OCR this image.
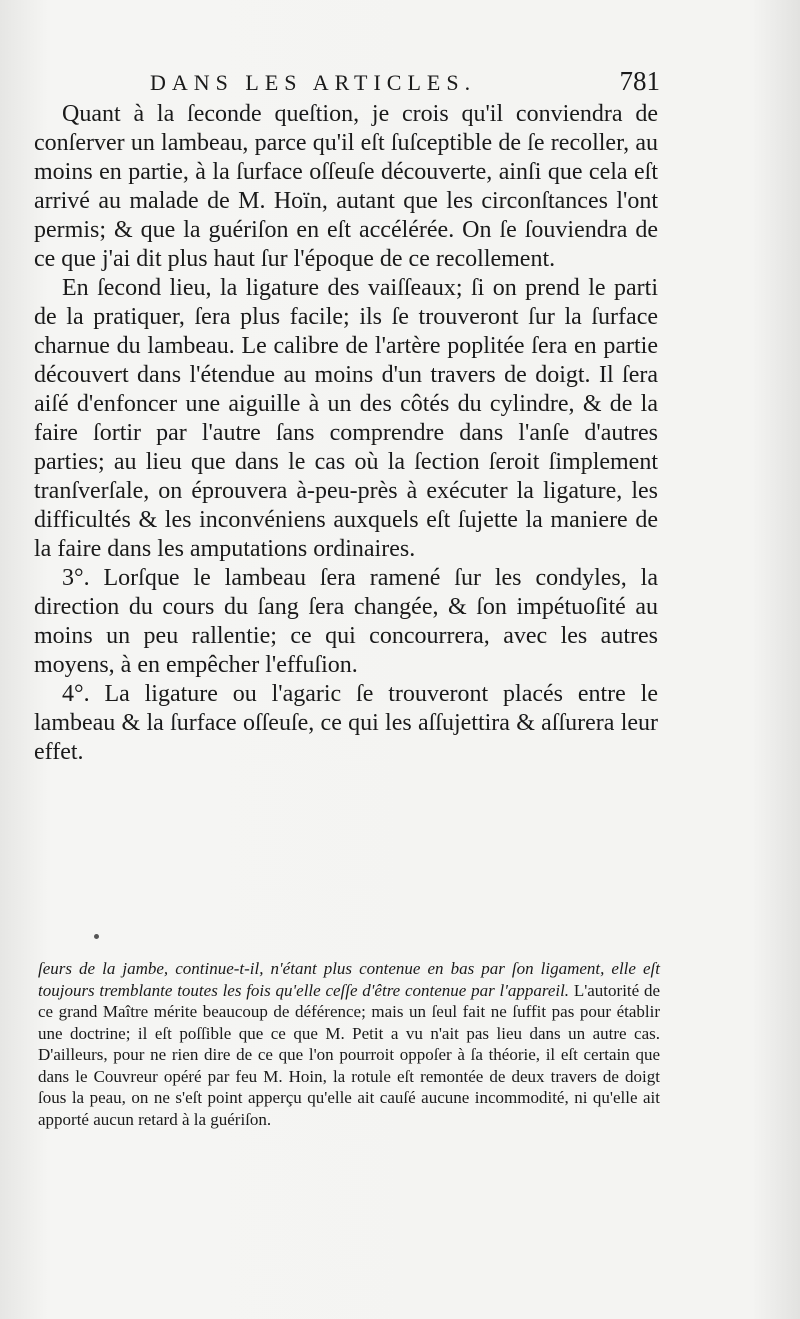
DANS LES ARTICLES.	781

Quant à la ſeconde queſtion, je crois qu'il conviendra de conſerver un lambeau, parce qu'il eſt ſuſceptible de ſe recoller, au moins en partie, à la ſurface oſſeuſe découverte, ainſi que cela eſt arrivé au malade de M. Hoïn, autant que les circonſtances l'ont permis; & que la guériſon en eſt accélérée. On ſe ſouviendra de ce que j'ai dit plus haut ſur l'époque de ce recollement.

En ſecond lieu, la ligature des vaiſſeaux; ſi on prend le parti de la pratiquer, ſera plus facile; ils ſe trouveront ſur la ſurface charnue du lambeau. Le calibre de l'artère poplitée ſera en partie découvert dans l'étendue au moins d'un travers de doigt. Il ſera aiſé d'enfoncer une aiguille à un des côtés du cylindre, & de la faire ſortir par l'autre ſans comprendre dans l'anſe d'autres parties; au lieu que dans le cas où la ſection ſeroit ſimplement tranſverſale, on éprouvera à-peu-près à exécuter la ligature, les difficultés & les inconvéniens auxquels eſt ſujette la maniere de la faire dans les amputations ordinaires.

3°. Lorſque le lambeau ſera ramené ſur les condyles, la direction du cours du ſang ſera changée, & ſon impétuoſité au moins un peu rallentie; ce qui concourrera, avec les autres moyens, à en empêcher l'effuſion.

4°. La ligature ou l'agaric ſe trouveront placés entre le lambeau & la ſurface oſſeuſe, ce qui les aſſujettira & aſſurera leur effet.

ſeurs de la jambe, continue-t-il, n'étant plus contenue en bas par ſon ligament, elle eſt toujours tremblante toutes les fois qu'elle ceſſe d'être contenue par l'appareil. L'autorité de ce grand Maître mérite beaucoup de déférence; mais un ſeul fait ne ſuffit pas pour établir une doctrine; il eſt poſſible que ce que M. Petit a vu n'ait pas lieu dans un autre cas. D'ailleurs, pour ne rien dire de ce que l'on pourroit oppoſer à ſa théorie, il eſt certain que dans le Couvreur opéré par feu M. Hoin, la rotule eſt remontée de deux travers de doigt ſous la peau, on ne s'eſt point apperçu qu'elle ait cauſé aucune incommodité, ni qu'elle ait apporté aucun retard à la guériſon.
